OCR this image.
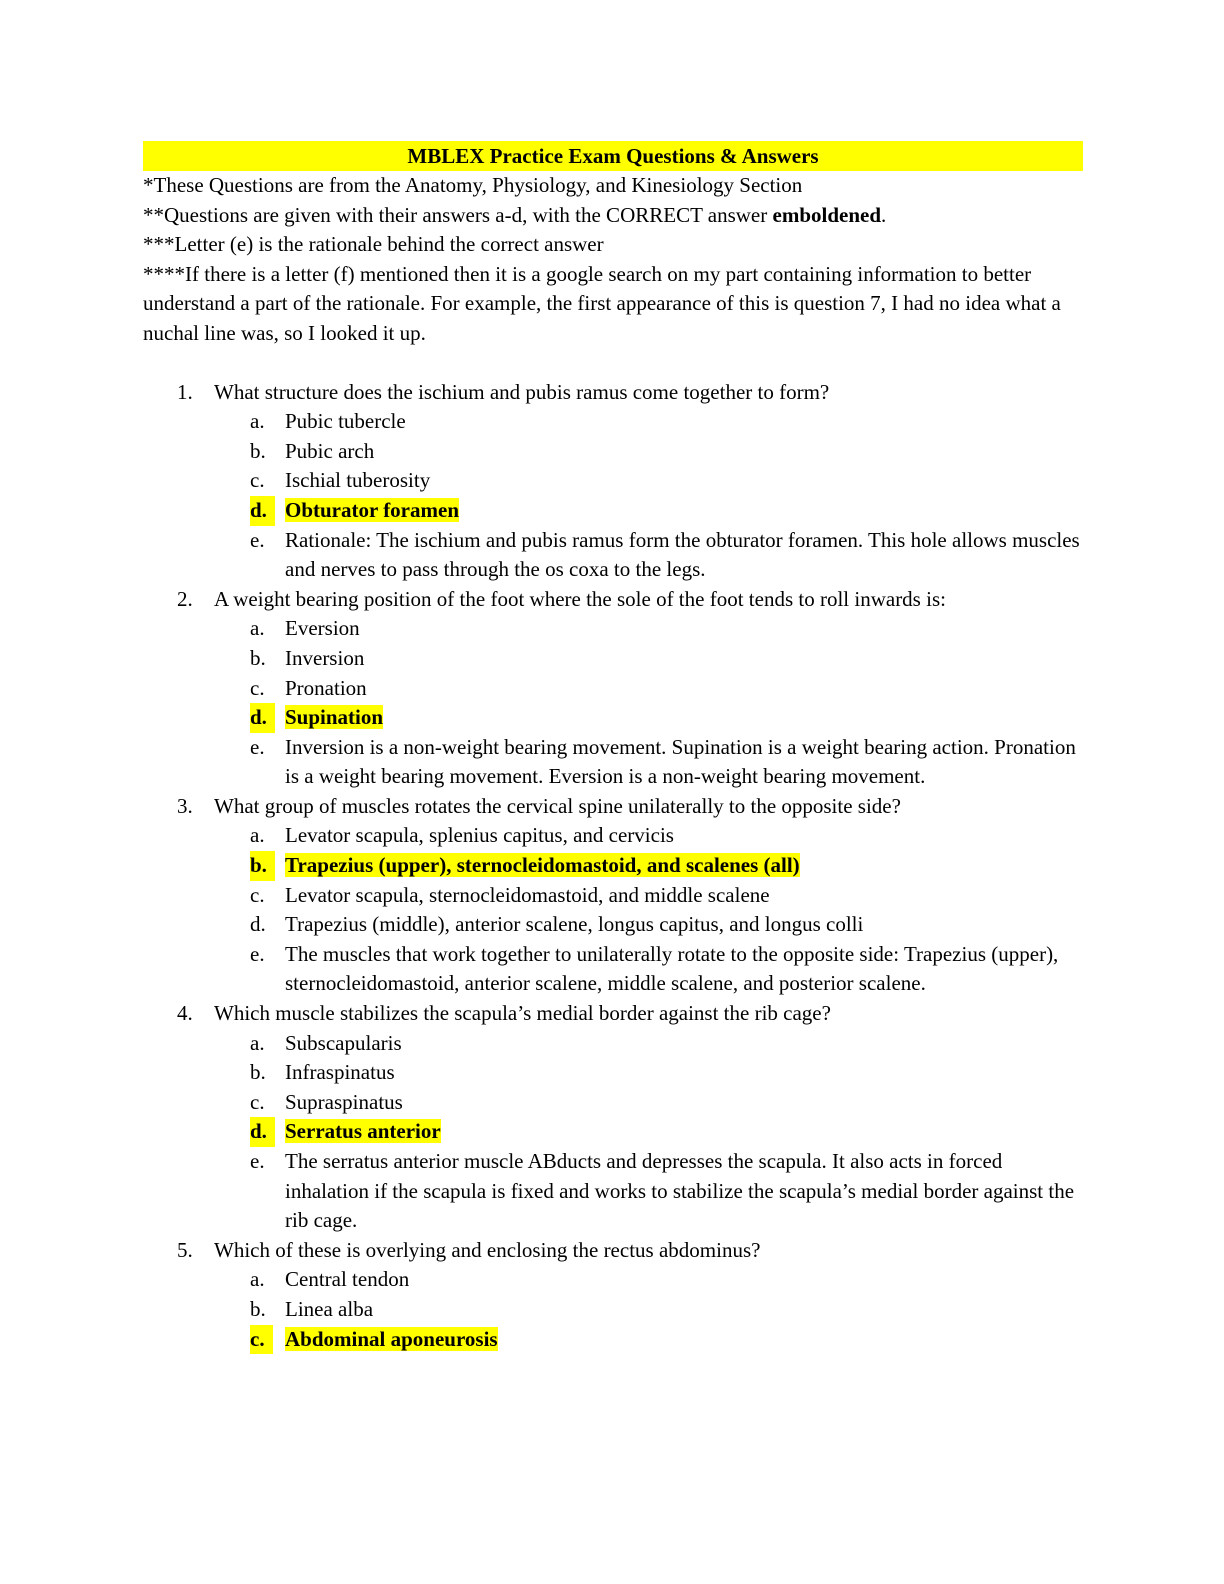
MBLEX Practice Exam Questions & Answers

*These Questions are from the Anatomy, Physiology, and Kinesiology Section

**Questions are given with their answers a-d, with the CORRECT answer emboldened.

***Letter (e) is the rationale behind the correct answer

****If there is a letter (f) mentioned then it is a google search on my part containing information to better understand a part of the rationale. For example, the first appearance of this is question 7, I had no idea what a nuchal line was, so I looked it up.

1. What structure does the ischium and pubis ramus come together to form?
a. Pubic tubercle
b. Pubic arch
c. Ischial tuberosity
d. Obturator foramen
e. Rationale: The ischium and pubis ramus form the obturator foramen. This hole allows muscles and nerves to pass through the os coxa to the legs.
2. A weight bearing position of the foot where the sole of the foot tends to roll inwards is:
a. Eversion
b. Inversion
c. Pronation
d. Supination
e. Inversion is a non-weight bearing movement. Supination is a weight bearing action. Pronation is a weight bearing movement. Eversion is a non-weight bearing movement.
3. What group of muscles rotates the cervical spine unilaterally to the opposite side?
a. Levator scapula, splenius capitus, and cervicis
b. Trapezius (upper), sternocleidomastoid, and scalenes (all)
c. Levator scapula, sternocleidomastoid, and middle scalene
d. Trapezius (middle), anterior scalene, longus capitus, and longus colli
e. The muscles that work together to unilaterally rotate to the opposite side: Trapezius (upper), sternocleidomastoid, anterior scalene, middle scalene, and posterior scalene.
4. Which muscle stabilizes the scapula’s medial border against the rib cage?
a. Subscapularis
b. Infraspinatus
c. Supraspinatus
d. Serratus anterior
e. The serratus anterior muscle ABducts and depresses the scapula. It also acts in forced inhalation if the scapula is fixed and works to stabilize the scapula’s medial border against the rib cage.
5. Which of these is overlying and enclosing the rectus abdominus?
a. Central tendon
b. Linea alba
c. Abdominal aponeurosis
